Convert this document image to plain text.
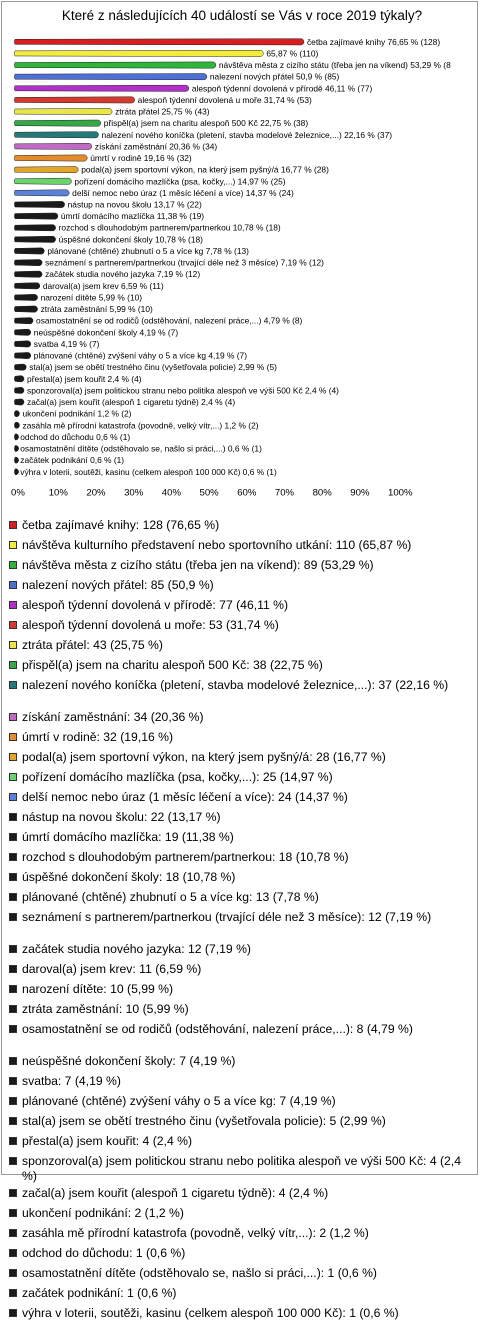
Které z následujících 40 událostí se Vás v roce 2019 týkaly?
četba zajímavé knihy 76,65 % (128)
65,87 % (110)
návštěva města z cizího státu (třeba jen na víkend) 53,29 % (8
nalezení nových přátel 50,9 % (85)
alespoň týdenní dovolená v přírodě 46,11 % (77)
alespoň týdenní dovolená u moře 31,74 % (53)
ztráta přátel 25,75 % (43)
přispěl(a) jsem na charitu alespoň 500 Kč 22,75 % (38)
nalezení nového koníčka (pletení, stavba modelové železnice,...) 22,16 % (37)
získání zaměstnání 20,36 % (34)
úmrtí v rodině 19,16 % (32)
podal(a) jsem sportovní výkon, na který jsem pyšný/á 16,77 % (28)
pořízení domácího mazlíčka (psa, kočky,...) 14,97 % (25)
delší nemoc nebo úraz (1 měsíc léčení a více) 14,37 % (24)
nástup na novou školu 13,17 % (22)
úmrtí domácího mazlíčka 11,38 % (19)
rozchod s dlouhodobým partnerem/partnerkou 10,78 % (18)
úspěšné dokončení školy 10,78 % (18)
plánované (chtěné) zhubnutí o 5 a více kg 7,78 % (13)
seznámení s partnerem/partnerkou (trvající déle než 3 měsíce) 7,19 % (12)
začátek studia nového jazyka 7,19 % (12)
daroval(a) jsem krev 6,59 % (11)
narození dítěte 5,99 % (10)
ztráta zaměstnání 5,99 % (10)
osamostatnění se od rodičů (odstěhování, nalezení práce,...) 4,79 % (8)
neúspěšné dokončení školy 4,19 % (7)
svatba 4,19 % (7)
plánované (chtěné) zvýšení váhy o 5 a více kg 4,19 % (7)
stal(a) jsem se obětí trestného činu (vyšetřovala policie) 2,99 % (5)
přestal(a) jsem kouřit 2,4 % (4)
sponzoroval(a) jsem politickou stranu nebo politika alespoň ve výši 500 Kč 2,4 % (4)
začal(a) jsem kouřit (alespoň 1 cigaretu týdně) 2,4 % (4)
ukončení podnikání 1,2 % (2)
zasáhla mě přírodní katastrofa (povodně, velký vítr,...) 1,2 % (2)
odchod do důchodu 0,6 % (1)
osamostatnění dítěte (odstěhovalo se, našlo si práci,...) 0,6 % (1)
začátek podnikání 0,6 % (1)
výhra v loterii, soutěži, kasinu (celkem alespoň 100 000 Kč) 0,6 % (1)
0% 10% 20% 30% 40% 50% 60% 70% 80% 90% 100%
četba zajímavé knihy: 128 (76,65 %)
návštěva kulturního představení nebo sportovního utkání: 110 (65,87 %)
návštěva města z cizího státu (třeba jen na víkend): 89 (53,29 %)
nalezení nových přátel: 85 (50,9 %)
alespoň týdenní dovolená v přírodě: 77 (46,11 %)
alespoň týdenní dovolená u moře: 53 (31,74 %)
ztráta přátel: 43 (25,75 %)
přispěl(a) jsem na charitu alespoň 500 Kč: 38 (22,75 %)
nalezení nového koníčka (pletení, stavba modelové železnice,...): 37 (22,16 %)
získání zaměstnání: 34 (20,36 %)
úmrtí v rodině: 32 (19,16 %)
podal(a) jsem sportovní výkon, na který jsem pyšný/á: 28 (16,77 %)
pořízení domácího mazlíčka (psa, kočky,...): 25 (14,97 %)
delší nemoc nebo úraz (1 měsíc léčení a více): 24 (14,37 %)
nástup na novou školu: 22 (13,17 %)
úmrtí domácího mazlíčka: 19 (11,38 %)
rozchod s dlouhodobým partnerem/partnerkou: 18 (10,78 %)
úspěšné dokončení školy: 18 (10,78 %)
plánované (chtěné) zhubnutí o 5 a více kg: 13 (7,78 %)
seznámení s partnerem/partnerkou (trvající déle než 3 měsíce): 12 (7,19 %)
začátek studia nového jazyka: 12 (7,19 %)
daroval(a) jsem krev: 11 (6,59 %)
narození dítěte: 10 (5,99 %)
ztráta zaměstnání: 10 (5,99 %)
osamostatnění se od rodičů (odstěhování, nalezení práce,...): 8 (4,79 %)
neúspěšné dokončení školy: 7 (4,19 %)
svatba: 7 (4,19 %)
plánované (chtěné) zvýšení váhy o 5 a více kg: 7 (4,19 %)
stal(a) jsem se obětí trestného činu (vyšetřovala policie): 5 (2,99 %)
přestal(a) jsem kouřit: 4 (2,4 %)
sponzoroval(a) jsem politickou stranu nebo politika alespoň ve výši 500 Kč: 4 (2,4 %)
začal(a) jsem kouřit (alespoň 1 cigaretu týdně): 4 (2,4 %)
ukončení podnikání: 2 (1,2 %)
zasáhla mě přírodní katastrofa (povodně, velký vítr,...): 2 (1,2 %)
odchod do důchodu: 1 (0,6 %)
osamostatnění dítěte (odstěhovalo se, našlo si práci,...): 1 (0,6 %)
začátek podnikání: 1 (0,6 %)
výhra v loterii, soutěži, kasinu (celkem alespoň 100 000 Kč): 1 (0,6 %)
